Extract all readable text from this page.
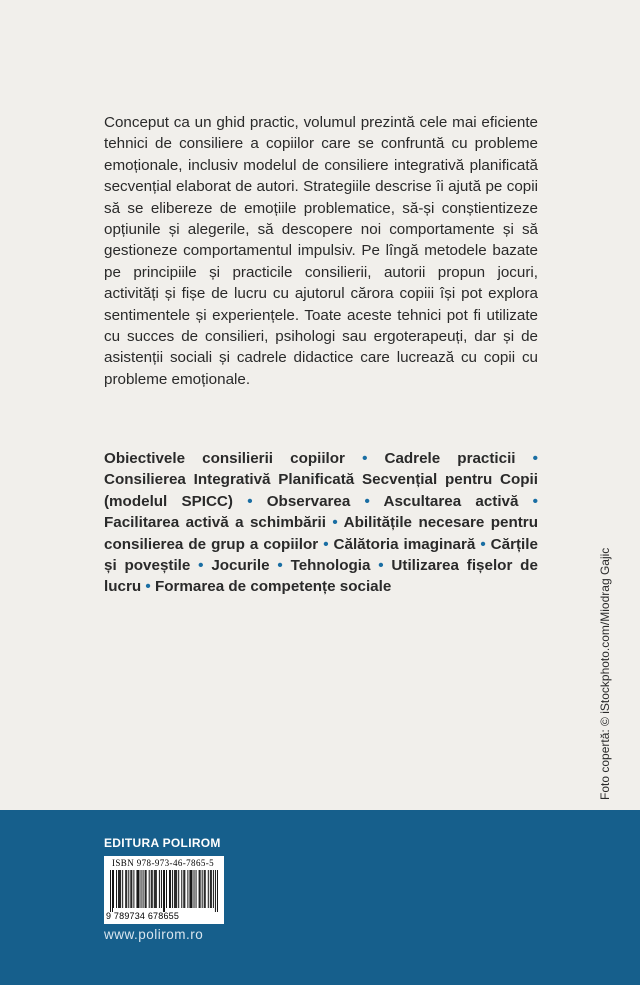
Conceput ca un ghid practic, volumul prezintă cele mai eficiente tehnici de consiliere a copiilor care se confruntă cu probleme emoționale, inclusiv modelul de consiliere integrativă planificată secvențial elaborat de autori. Strategiile descrise îi ajută pe copii să se elibereze de emoțiile problematice, să-și conștientizeze opțiunile și alegerile, să descopere noi comportamente și să gestioneze comportamentul impulsiv. Pe lîngă metodele bazate pe principiile și practicile consilierii, autorii propun jocuri, activități și fișe de lucru cu ajutorul cărora copiii își pot explora sentimentele și experiențele. Toate aceste tehnici pot fi utilizate cu succes de consilieri, psihologi sau ergoterapeuți, dar și de asistenții sociali și cadrele didactice care lucrează cu copii cu probleme emoționale.

Obiectivele consilierii copiilor • Cadrele practicii • Consilierea Integrativă Planificată Secvențial pentru Copii (modelul SPICC) • Observarea • Ascultarea activă • Facilitarea activă a schimbării • Abilitățile necesare pentru consilierea de grup a copiilor • Călătoria imaginară • Cărțile și poveștile • Jocurile • Tehnologia • Utilizarea fișelor de lucru • Formarea de competențe sociale	Foto copertă: © iStockphoto.com/Miodrag Gajic
EDITURA POLIROM
ISBN 978-973-46-7865-5
9 789734 678655
www.polirom.ro
